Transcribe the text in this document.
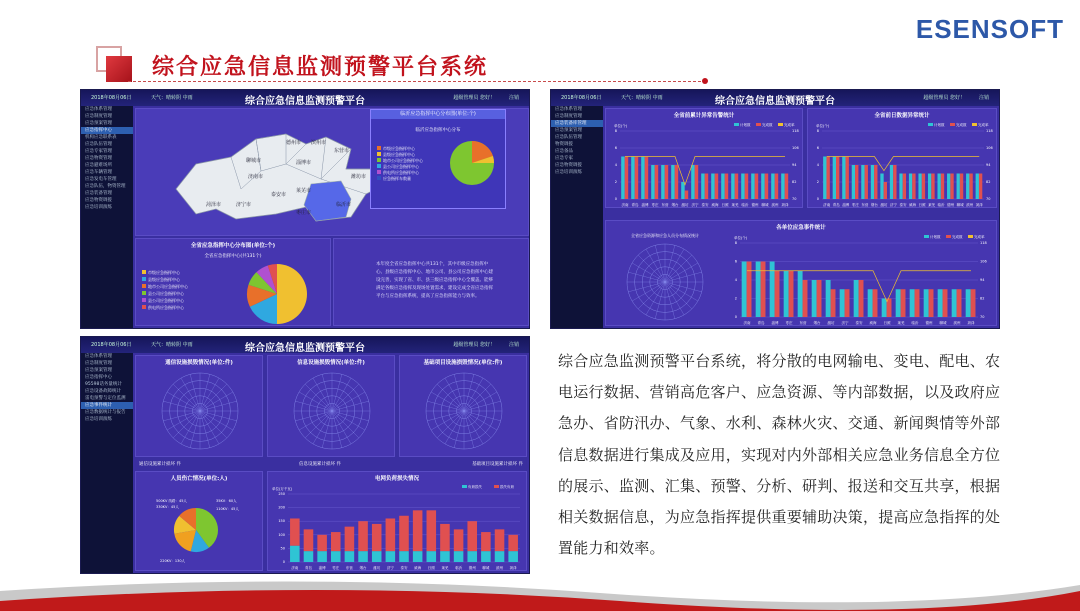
ESENSOFT
综合应急信息监测预警平台系统
2018年08月06日	天气：晴转阴 中雨	综合应急信息监测预警平台	超级管理员 您好！	注销
应急体系管理
应急制度管理
应急预案管理
应急指挥中心
机构应急联系表
应急队伍管理
应急专家管理
应急物资管理
应急避难场所
应急车辆管理
应急发电车管理
应急队伍，物资管理
应急装备管理
应急物资调拨
应急培训演练
德州市
聊城市
济南市
淄博市
滨州市
东营市
潍坊市
泰安市
莱芜市
临沂市
济宁市
枣庄市
菏泽市
临沂应急指挥中心分布图(单位:个)
临沂应急指挥中心分布
市级应急指挥中心
县级应急指挥中心
地市公司应急指挥中心
县公司应急指挥中心
供电所应急指挥中心
应急指挥车数量
全省应急指挥中心分布图(单位:个)
全省应急指挥中心(共131个)
市级应急指挥中心
县级应急指挥中心
地市公司应急指挥中心
县公司应急指挥中心
县公司应急指挥中心
供电所应急指挥中心
本年度全省应急指挥中心共131个，其中市级应急指挥中心、县级应急指挥中心、地市公司、县公司应急指挥中心建设完善，实现了省、市、县三级应急指挥中心全覆盖。能够满足各级应急指挥及现场处置需求，建设完成全省应急指挥平台与应急指挥系统，提高了应急指挥能力与效率。
2018年08月06日	天气：晴转阴 中雨	综合应急信息监测预警平台	超级管理员 您好！	注销
应急体系管理
应急制度管理
应急装备库管理
应急预案管理
应急队伍管理
物资调拨
应急备品
应急专家
应急物资调拨
应急培训演练
全省前累计异常告警统计
计划数	完成数	完成率
单位(个)
济南 青岛 淄博 枣庄 东营 烟台 潍坊 济宁 泰安 威海 日照 莱芜 临沂 德州 聊城 滨州 菏泽
0
2
4
6
8
70
82
94
106
118
全省前日数据异常统计
计划数	完成数	完成率
单位(个)
济南 青岛 淄博 枣庄 东营 烟台 潍坊 济宁 泰安 威海 日照 莱芜 临沂 德州 聊城 滨州 菏泽
0
2
4
6
8
70
82
94
106
118
各单位应急事件统计
全省应急资源和应急人员分布情况统计	计划数	完成数	完成率
单位(个)
济南 青岛 淄博 枣庄 东营 烟台 潍坊 济宁 泰安 威海 日照 莱芜 临沂 德州 聊城 滨州 菏泽
0
2
4
6
8
70
82
94
106
118
2018年08月06日	天气：晴转阴 中雨	综合应急信息监测预警平台	超级管理员 您好！	注销
应急体系管理
应急制度管理
应急预案管理
应急指挥中心
95598话务量统计
应急设备故障统计
雷电预警与定位监测
应急事件统计
应急数据统计与报告
应急培训演练
通信设施损毁情况(单位:件)	信息设施损毁情况(单位:件)	基础项目设施损毁情况(单位:件)
通信设施累计损坏 件	信息设施累计损坏 件	基础项目设施累计损坏 件
人员伤亡情况(单位:人)
500KV 线路：45人
330KV：45人
35KV：60人
110KV：45人
220KV：130人
电网负荷损失情况
0
50
100
150
200
250
单位(万千瓦)	负荷损失	损失负荷
济南 青岛 淄博 枣庄 东营 烟台 潍坊 济宁 泰安 威海 日照 莱芜 临沂 德州 聊城 滨州 菏泽
综合应急监测预警平台系统，将分散的电网输电、变电、配电、农电运行数据、营销高危客户、应急资源、等内部数据，以及政府应急办、省防汛办、气象、水利、森林火灾、交通、新闻舆情等外部信息数据进行集成及应用，实现对内外部相关应急业务信息全方位的展示、监测、汇集、预警、分析、研判、报送和交互共享，根据相关数据信息，为应急指挥提供重要辅助决策，提高应急指挥的处置能力和效率。
